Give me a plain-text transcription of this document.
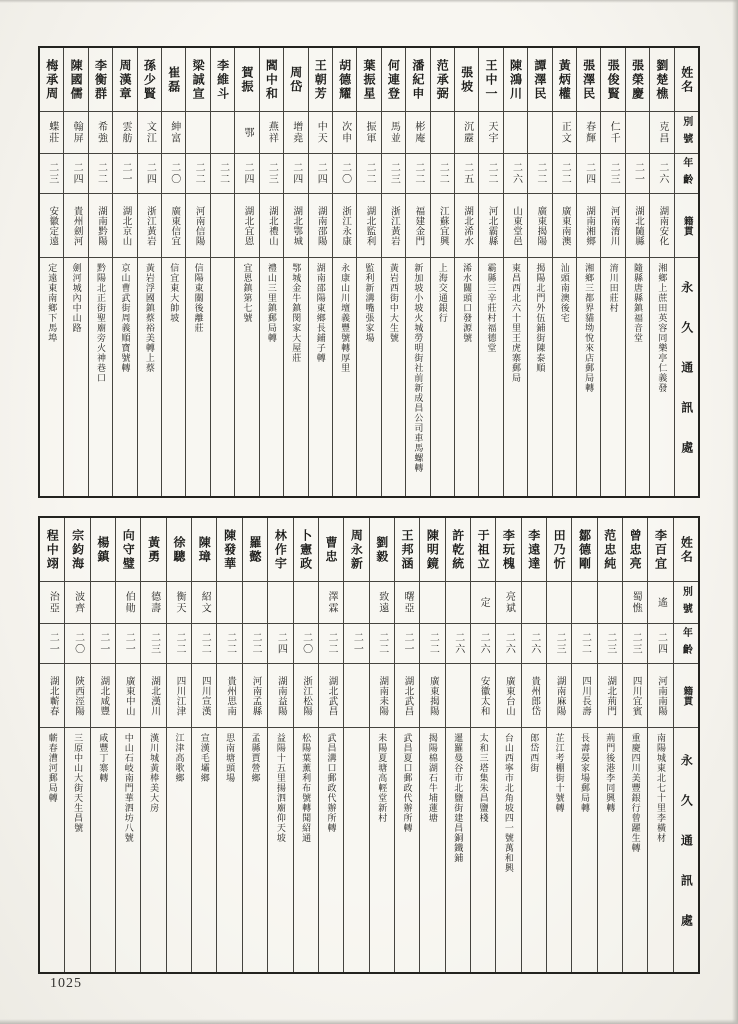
姓名
別號
年齡
籍貫
永久通訊處
劉楚樵
克昌
二六
湖南安化
湘鄉上蔗田英容同樂亭仁義發
張榮慶
二一
湖北隨縣
隨縣唐縣鎮福音堂
張俊賢
仁千
二三
河南淯川
淯川田莊村
張澤民
春輝
二四
湖南湘鄉
湘鄉三都界貓坳悅來店郵局轉
黃炳權
正文
二二
廣東南澳
汕頭南澳後宅
譚澤民
二二
廣東揭陽
揭陽北門外伍鋪街陳泰順
陳鴻川
二六
山東堂邑
東昌西北六十里王虎寨郵局
王中一
天宇
二二
河北霸縣
霸縣三辛莊村福德堂
張坡
沉靂
二五
湖北浠水
浠水關頭口發源號
范承弼
二二
江蘇宜興
上海交通銀行
潘紀申
彬庵
二二
福建金門
新加坡小坡火城勞明街社前新成昌公司車馬螺轉
何連登
馬並
二三
浙江黃岩
黃岩西街中大生號
葉振星
振軍
二二
湖北監利
監利新溝嘴張家場
胡德耀
次申
二〇
浙江永康
永康山川壇義豐號轉厚里
王朝芳
中天
二四
湖南邵陽
湖南邵陽東鄉長鋪子轉
周岱
增堯
二四
湖北鄂城
鄂城金牛鎮閔家大屋莊
閻中和
燕祥
二三
湖北禮山
禮山三里鎮郵局轉
賀振
鄂
二四
湖北宜恩
宜恩鎮第七號
李維斗
二二
梁誠宣
二二
河南信陽
信陽東關後離莊
崔磊
紳富
二〇
廣東信宜
信宜東大帥坡
孫少賢
文江
二四
浙江黃岩
黃岩浮國鎮蔡裕美轉上蔡
周漢章
雲舫
二一
湖北京山
京山曹武街周義順寶號轉
李衡群
希強
二二
湖南黔陽
黔陽北正街聖廟旁火神巷口
陳國儒
翰屏
二四
貴州劍河
劍河城內中山路
梅承周
蝶莊
二三
安徽定遠
定遠東南鄉下馬埠
姓名
別號
年齡
籍貫
永久通訊處
李百宜
遙
二四
河南南陽
南陽城東北七十里李橫材
曾忠亮
蜀憔
二三
四川宜賓
重慶四川美豐銀行曾躍生轉
范忠純
二三
湖北荊門
荊門後港李同興轉
鄒德剛
二二
四川長壽
長壽晏家場郵局轉
田乃忻
二三
湖南麻陽
芷江考棚街十號轉
李遠達
二六
貴州郎岱
郎岱西街
李玩槐
亮斌
二六
廣東台山
台山西寧市北角坡四一號萬和興
于祖立
定
二六
安徽太和
太和三塔集朱昌鹽棧
許乾統
二六
暹羅曼谷市北鹽街建昌銅鐵鋪
陳明鏡
二二
廣東揭陽
揭陽棉湖石牛埔蓮塘
王邦涵
曙亞
二一
湖北武昌
武昌夏口郵政代辦所轉
劉毅
致遠
二二
湖南耒陽
耒陽夏塘高輕堂新村
周永新
二一
曹忠
澤霖
二二
湖北武昌
武昌溝口郵政代辦所轉
卜憲政
二〇
浙江松陽
松陽葉薰利布號轉聞紹通
林作宇
二四
湖南益陽
益陽十五里揚泗廟仰天坡
羅懿
二二
河南孟縣
孟縣賈營鄉
陳發華
二二
貴州思南
思南塘頭場
陳璋
紹文
二二
四川宣漢
宣漢毛壩鄉
徐驄
衡天
二二
四川江津
江津高歌鄉
黃勇
德壽
二三
湖北漢川
漢川城黃棒美大房
向守璧
伯勛
二一
廣東中山
中山石岐南門華泗坊八號
楊鎮
二一
湖北咸豐
咸豐丁寨轉
宗鈞海
波齊
二〇
陝西涇陽
三原中山大街天生昌號
程中翊
治亞
二一
湖北蘄春
蘄春漕河郵局轉
1025
